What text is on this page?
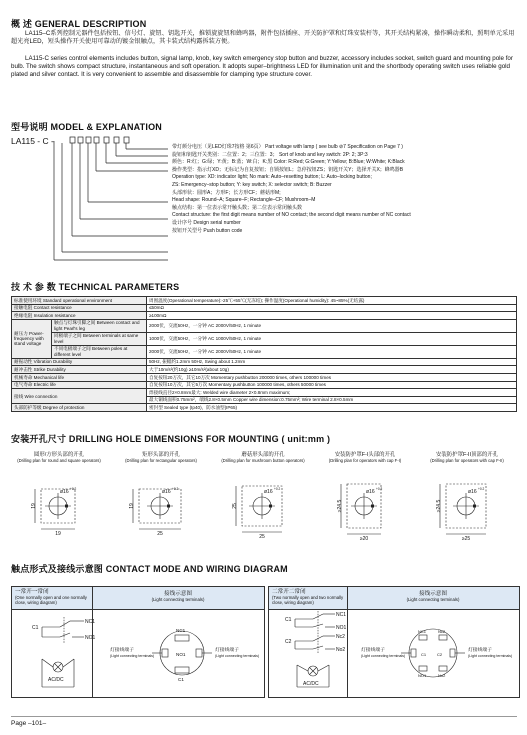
概 述 GENERAL DESCRIPTION
LA115–C系列控制元器件包括按钮、信号灯、旋钮、钥匙开关，推锁旋旋钮和蜂鸣器，附件包括插座、开关防护罩和灯珠安装杆等，其开关结构紧凑，操作瞬动柔和，照明单元采用超光亮LED，短头操作开关使用可靠动的镀金银触点，其卡装式结构露拆装方便。
LA115-C series control elements includes button, signal lamp, knob, key switch emergency stop button and buzzer, accessory includes socket, switch guard and mounting pole for bulb. The switch shows compact structure, instantaneous and soft operation. It adopts super–brightness LED for illumination unit and the shortbody operating switch uses reliable gold plated and silver contact. It is very convenient to assemble and disassemble for clamping type structure cover.
型号说明 MODEL & EXPLANATION
LA115 - C -
带灯颜分电压（见LED灯珠7按格 第6页） Part voltage with lamp ( see bulb ⊘7 Specification on Page 7 )
旋钮和钥匙开关类别：二位置：2；三位置：3； Sort of knob and key switch: 2P: 2; 3P:3
颜色：R:红；G:绿；Y:黄；B:蓝；W:白；K:黑 Color: R:Red; G:Green; Y:Yellow; B:Blue; W:White; K:Black
操作类型：指示灯XD；无标记为自复按钮；自锁按钮L；急停按钮ZS；钥匙开关Y；选择开关X；蜂鸣器B
Operation type: XD: indicator light; No mark: Auto–resetting button; L: Auto–locking button;
ZS: Emergency–stop button; Y: key switch; X: selector switch; B: Buzzer
头部形状：圆形A；方形F；长方形CF；蘑菇形M;
Head shape: Round–A; Square–F; Rectangle–CF; Mushroom–M
触点结构：第一位表示常开触头数；第二位表示常闭触头数
Contact structure: the first digit means number of NO contact; the second digit means number of NC contact
设计序号 Design serial number
按钮开关型号 Push button code
技 术 参 数 TECHNICAL PARAMETERS
标准使用环境 Standard operational environment		周围温度(Operational temperature):-25℃+55℃(无冻结); 操作温度(Operational humidity): 45~85%(无结露)
接触电阻 Contact resistance		≤50mΩ
绝缘电阻 Insulation resistance		≥100mΩ
耐压力 Power-frequency with stand voltage	触点与灯珠引脚之间 Between contact and light Pearl's leg	2000伏，交流50Hz，一分钟 AC 2000V/50Hz, 1 minute
	同极端子之间 Between terminals at same level	1000伏，交流50Hz，一分钟 AC 1000V/50Hz, 1 minute
	不同电极端子之间 Between poles at different level	2000伏，交流50Hz，一分钟 AC 2000V/50Hz, 1 minute
耐振动性 Vibration Durability		50Hz, 振幅约1.2mm 50Hz, Swing about 1.2mm
耐冲击性 Strike Durability		大于10m/s²(约10g) ≥10m/s²(about 10g)
机械寿命 Mechanical life		自复按钮20万次，其它10万次 Momentary pushbutton 200000 times, others 100000 times
电气寿命 Electric life		自复按钮10万次，其它5万次 Momentary pushbutton 100000 times, others 50000 times
接线 Wire connection		焊接线直径2×0.8mm最大: Welded wire diameter 2×0.8mm maximum;
		最大铜线面积0.75mm²，端线2.8×0.5mm Copper wire dimension:0.75mm²; Wire terminal 2.8×0.5mm
头部防护等级 Degree of protection		密封型 Sealed type (Ip40)，防水油型(IP65)
安装开孔尺寸 DRILLING HOLE DIMENSIONS FOR MOUNTING ( unit:mm )
圆形/方形头部的开孔
(Drilling plan for round and square operators)
ø16 +0.2
19
19
矩形头部的开孔
(Drilling plan for rectangular operators)
ø16 +0.2
19
25
蘑菇形头部的开孔
(Drilling plan for mushroom button operators)
ø16 +0.2
25
25
安装防护罩F-I头部的开孔
(Drilling plan for operators with cap F-I)
ø16 +0.2
≥24.5
≥20
安装防护罩F-II顶部的开孔
(Drilling plan for operators with cap F-II)
ø16 +0.2
≥24.5
≥25
触点形式及接线示意图 CONTACT MODE AND WIRING DIAGRAM
一常开一常闭
(One normally open and one normally close, wiring diagram)
接线示意图
(Light connecting terminals)
C1
NC1
NO1
AC/DC
NC1
NO1
C1
灯接线端子
(Light connecting terminals)
灯接线端子
(Light connecting terminals)
二常开二常闭
(Two normally open and two normally close, wiring diagram)
接线示意图
(Light connecting terminals)
C1
C2
NC1
NO1
Nc2
No2
AC/DC
NC1	Nc2
NO1	No2
C1	C2
灯接线端子
(Light connecting terminals)
灯接线端子
(Light connecting terminals)
Page –101–
